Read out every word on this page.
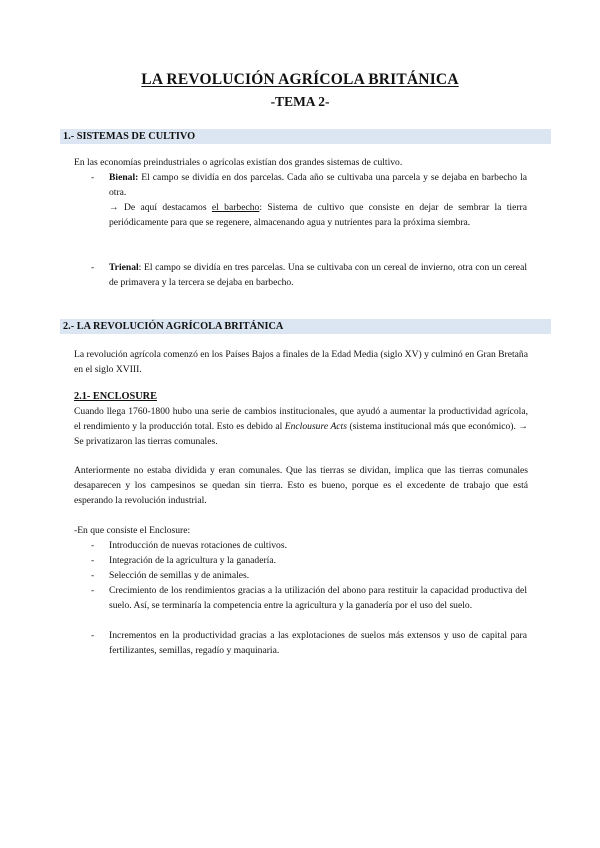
LA REVOLUCIÓN AGRÍCOLA BRITÁNICA
-TEMA 2-
1.- SISTEMAS DE CULTIVO
En las economías preindustriales o agrícolas existían dos grandes sistemas de cultivo.
- Bienal: El campo se dividía en dos parcelas. Cada año se cultivaba una parcela y se dejaba en barbecho la otra.
→ De aquí destacamos el barbecho: Sistema de cultivo que consiste en dejar de sembrar la tierra periódicamente para que se regenere, almacenando agua y nutrientes para la próxima siembra.
- Trienal: El campo se dividía en tres parcelas. Una se cultivaba con un cereal de invierno, otra con un cereal de primavera y la tercera se dejaba en barbecho.
2.- LA REVOLUCIÓN AGRÍCOLA BRITÁNICA
La revolución agrícola comenzó en los Países Bajos a finales de la Edad Media (siglo XV) y culminó en Gran Bretaña en el siglo XVIII.
2.1- ENCLOSURE
Cuando llega 1760-1800 hubo una serie de cambios institucionales, que ayudó a aumentar la productividad agrícola, el rendimiento y la producción total. Esto es debido al Enclousure Acts (sistema institucional más que económico). → Se privatizaron las tierras comunales.
Anteriormente no estaba dividida y eran comunales. Que las tierras se dividan, implica que las tierras comunales desaparecen y los campesinos se quedan sin tierra. Esto es bueno, porque es el excedente de trabajo que está esperando la revolución industrial.
-En que consiste el Enclosure:
- Introducción de nuevas rotaciones de cultivos.
- Integración de la agricultura y la ganadería.
- Selección de semillas y de animales.
- Crecimiento de los rendimientos gracias a la utilización del abono para restituir la capacidad productiva del suelo. Así, se terminaría la competencia entre la agricultura y la ganadería por el uso del suelo.
- Incrementos en la productividad gracias a las explotaciones de suelos más extensos y uso de capital para fertilizantes, semillas, regadío y maquinaria.
